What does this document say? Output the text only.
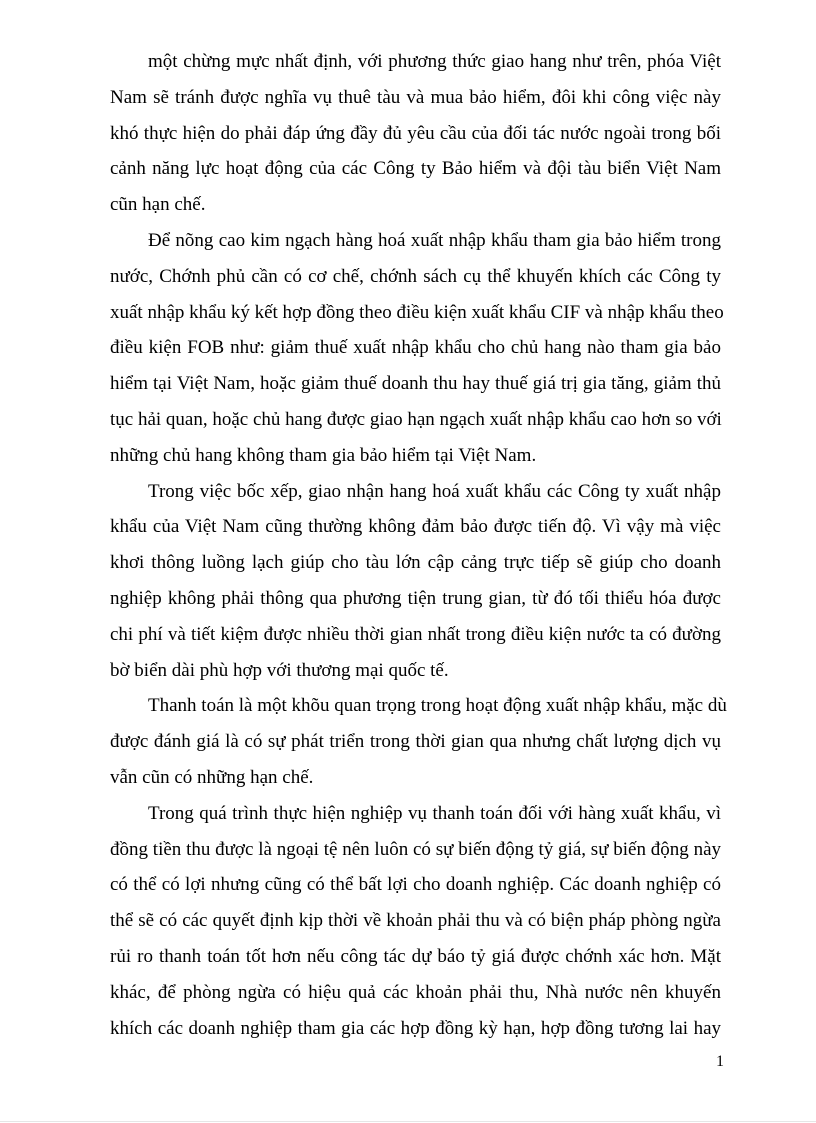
một chừng mực nhất định, với phương thức giao hang như trên, phóa Việt
Nam sẽ tránh được nghĩa vụ thuê tàu và mua bảo hiểm, đôi khi công việc này
khó thực hiện do phải đáp ứng đầy đủ yêu cầu của đối tác nước ngoài trong bối
cảnh năng lực hoạt động của các Công ty Bảo hiểm và đội tàu biển Việt Nam
cũn hạn chế.

Để nõng cao kim ngạch hàng hoá xuất nhập khẩu tham gia bảo hiểm trong
nước, Chớnh phủ cần có cơ chế, chớnh sách cụ thể khuyến khích các Công ty
xuất nhập khẩu ký kết hợp đồng theo điều kiện xuất khẩu CIF và nhập khẩu theo
điều kiện FOB như: giảm thuế xuất nhập khẩu cho chủ hang nào tham gia bảo
hiểm tại Việt Nam, hoặc giảm thuế doanh thu hay thuế giá trị gia tăng, giảm thủ
tục hải quan, hoặc chủ hang được giao hạn ngạch xuất nhập khẩu cao hơn so với
những chủ hang không tham gia bảo hiểm tại Việt Nam.

Trong việc bốc xếp, giao nhận hang hoá xuất khẩu các Công ty xuất nhập
khẩu của Việt Nam cũng thường không đảm bảo được tiến độ. Vì vậy mà việc
khơi thông luồng lạch giúp cho tàu lớn cập cảng trực tiếp sẽ giúp cho doanh
nghiệp không phải thông qua phương tiện trung gian, từ đó tối thiểu hóa được
chi phí và tiết kiệm được nhiều thời gian nhất trong điều kiện nước ta có đường
bờ biển dài phù hợp với thương mại quốc tế.

Thanh toán là một khõu quan trọng trong hoạt động xuất nhập khẩu, mặc dù
được đánh giá là có sự phát triển trong thời gian qua nhưng chất lượng dịch vụ
vẫn cũn có những hạn chế.

Trong quá trình thực hiện nghiệp vụ thanh toán đối với hàng xuất khẩu, vì
đồng tiền thu được là ngoại tệ nên luôn có sự biến động tỷ giá, sự biến động này
có thể có lợi nhưng cũng có thể bất lợi cho doanh nghiệp. Các doanh nghiệp có
thể sẽ có các quyết định kịp thời về khoản phải thu và có biện pháp phòng ngừa
rủi ro thanh toán tốt hơn nếu công tác dự báo tỷ giá được chớnh xác hơn. Mặt
khác, để phòng ngừa có hiệu quả các khoản phải thu, Nhà nước nên khuyến
khích các doanh nghiệp tham gia các hợp đồng kỳ hạn, hợp đồng tương lai hay

1
